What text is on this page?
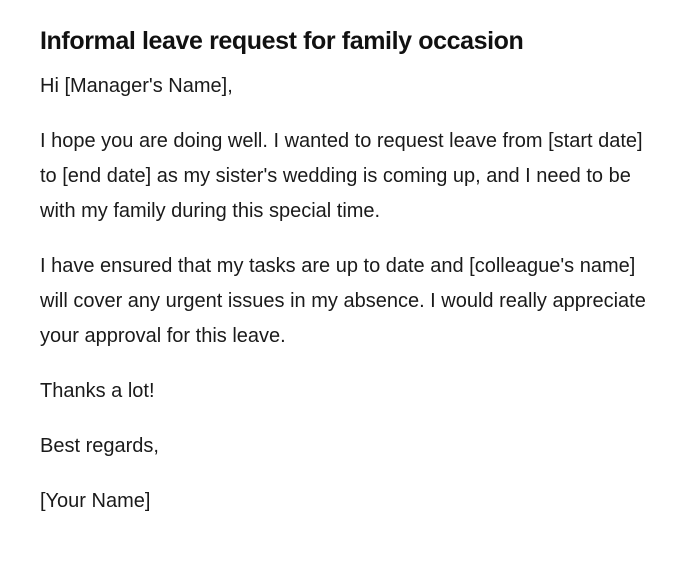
Informal leave request for family occasion

Hi [Manager's Name],

I hope you are doing well. I wanted to request leave from [start date] to [end date] as my sister's wedding is coming up, and I need to be with my family during this special time.

I have ensured that my tasks are up to date and [colleague's name] will cover any urgent issues in my absence. I would really appreciate your approval for this leave.

Thanks a lot!

Best regards,

[Your Name]
